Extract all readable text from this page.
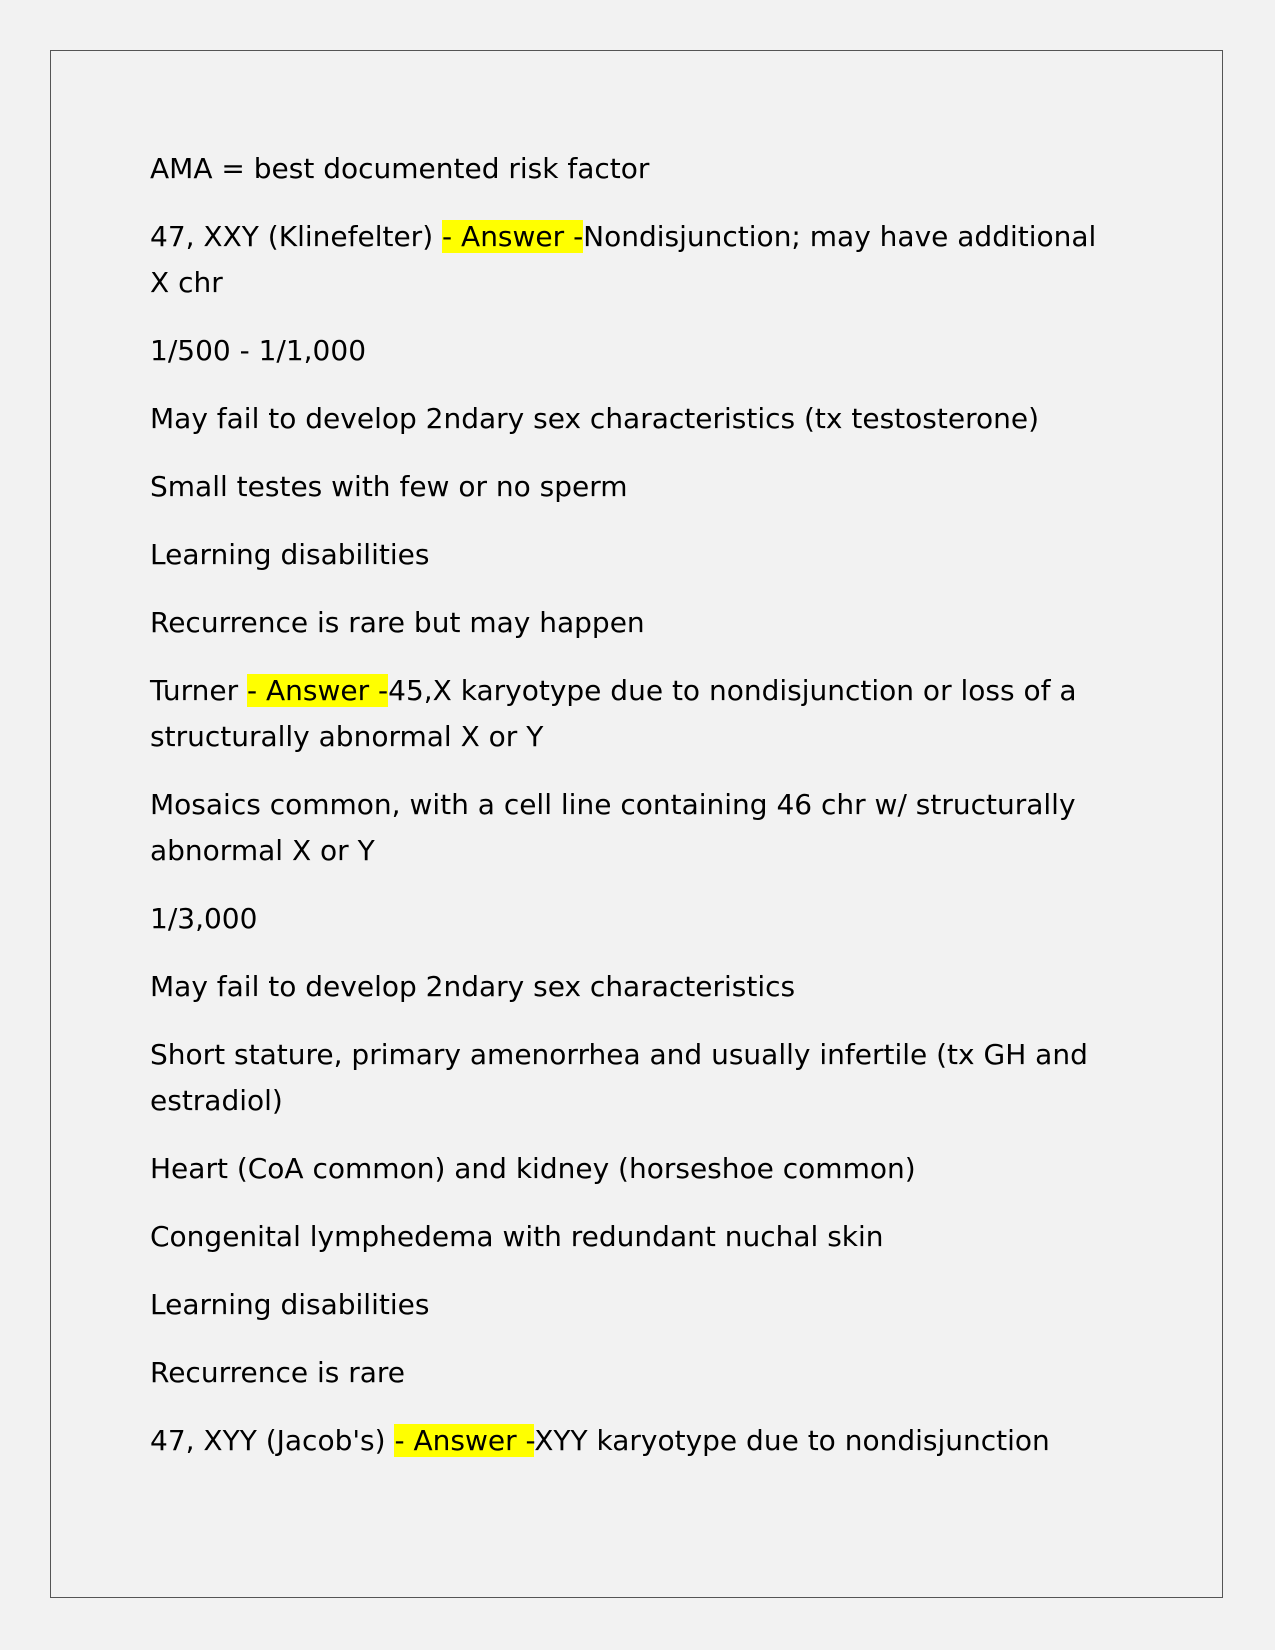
AMA = best documented risk factor

47, XXY (Klinefelter) - Answer -Nondisjunction; may have additional X chr

1/500 - 1/1,000

May fail to develop 2ndary sex characteristics (tx testosterone)

Small testes with few or no sperm

Learning disabilities

Recurrence is rare but may happen

Turner - Answer -45,X karyotype due to nondisjunction or loss of a structurally abnormal X or Y

Mosaics common, with a cell line containing 46 chr w/ structurally abnormal X or Y

1/3,000

May fail to develop 2ndary sex characteristics

Short stature, primary amenorrhea and usually infertile (tx GH and estradiol)

Heart (CoA common) and kidney (horseshoe common)

Congenital lymphedema with redundant nuchal skin

Learning disabilities

Recurrence is rare

47, XYY (Jacob's) - Answer -XYY karyotype due to nondisjunction
